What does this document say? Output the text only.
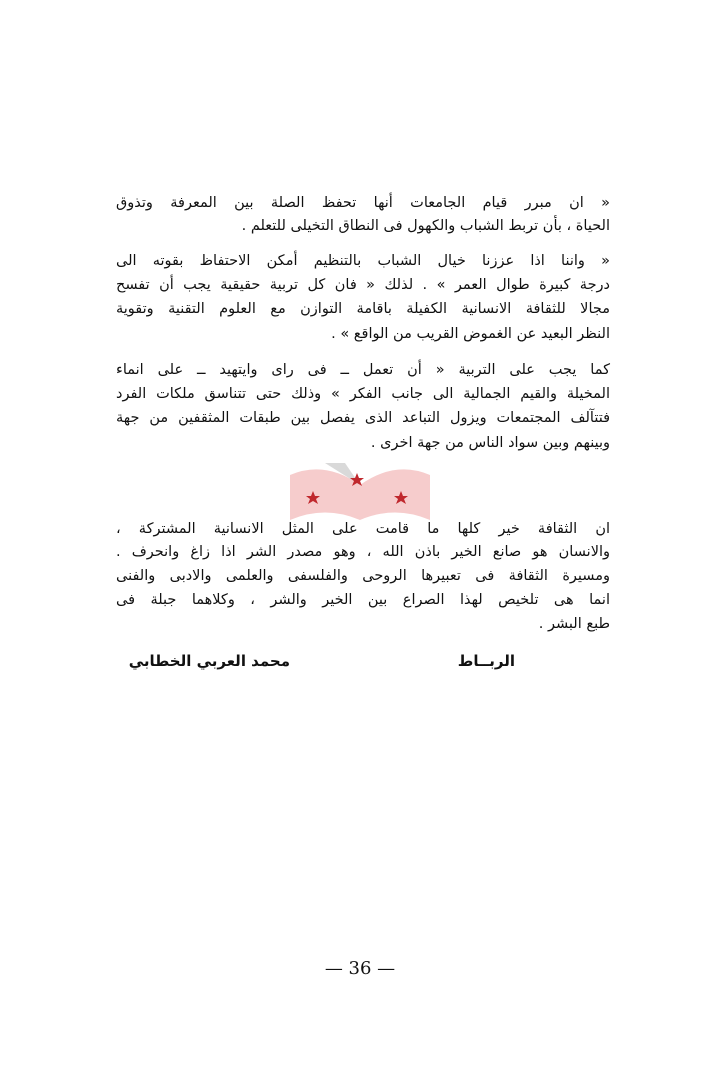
« ان مبرر قيام الجامعات أنها تحفظ الصلة بين المعرفة وتذوق
الحياة ، بأن تربط الشباب والكهول فى النطاق التخيلى للتعلم .
« واننا اذا عززنا خيال الشباب بالتنظيم أمكن الاحتفاظ بقوته الى
درجة كبيرة طوال العمر » . لذلك « فان كل تربية حقيقية يجب أن تفسح
مجالا للثقافة الانسانية الكفيلة باقامة التوازن مع العلوم التقنية وتقوية
النظر البعيد عن الغموض القريب من الواقع » .
كما يجب على التربية « أن تعمل ــ فى راى وايتهيد ــ على انماء
المخيلة والقيم الجمالية الى جانب الفكر » وذلك حتى تتناسق ملكات الفرد
فتتآلف المجتمعات ويزول التباعد الذى يفصل بين طبقات المثقفين من جهة
وبينهم وبين سواد الناس من جهة اخرى .
ان الثقافة خير كلها ما قامت على المثل الانسانية المشتركة ،
والانسان هو صانع الخير باذن الله ، وهو مصدر الشر اذا زاغ وانحرف .
ومسيرة الثقافة فى تعبيرها الروحى والفلسفى والعلمى والادبى والفنى
انما هى تلخيص لهذا الصراع بين الخير والشر ، وكلاهما جبلة فى
طبع البشر .
الربــاط
محمد العربي الخطابي
— 36 —
